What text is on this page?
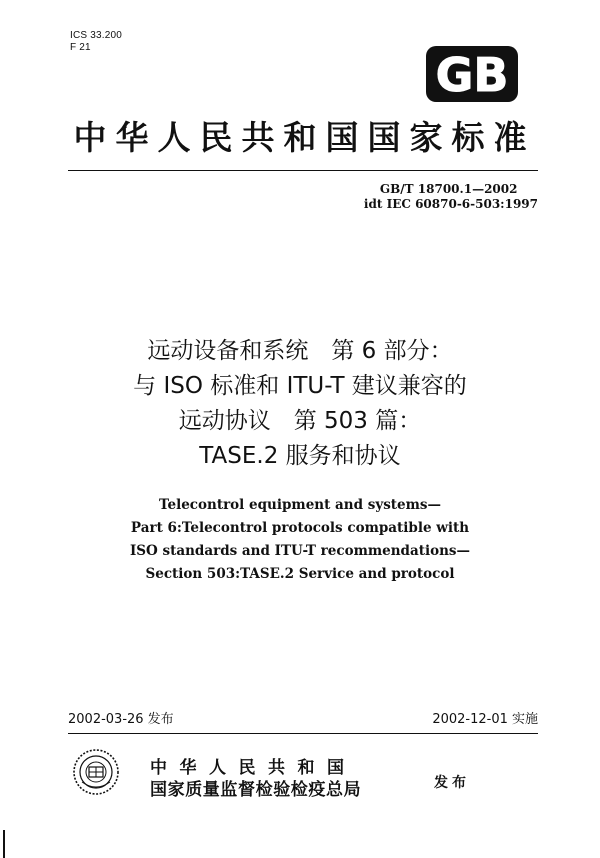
ICS 33.200
F 21
GB
中华人民共和国国家标准
GB/T 18700.1—2002
idt IEC 60870-6-503:1997
远动设备和系统　第 6 部分：
与 ISO 标准和 ITU-T 建议兼容的
远动协议　第 503 篇：
TASE.2 服务和协议
Telecontrol equipment and systems—
Part 6:Telecontrol protocols compatible with
ISO standards and ITU-T recommendations—
Section 503:TASE.2 Service and protocol
2002-03-26 发布	2002-12-01 实施
中华人民共和国
国家质量监督检验检疫总局	发布
